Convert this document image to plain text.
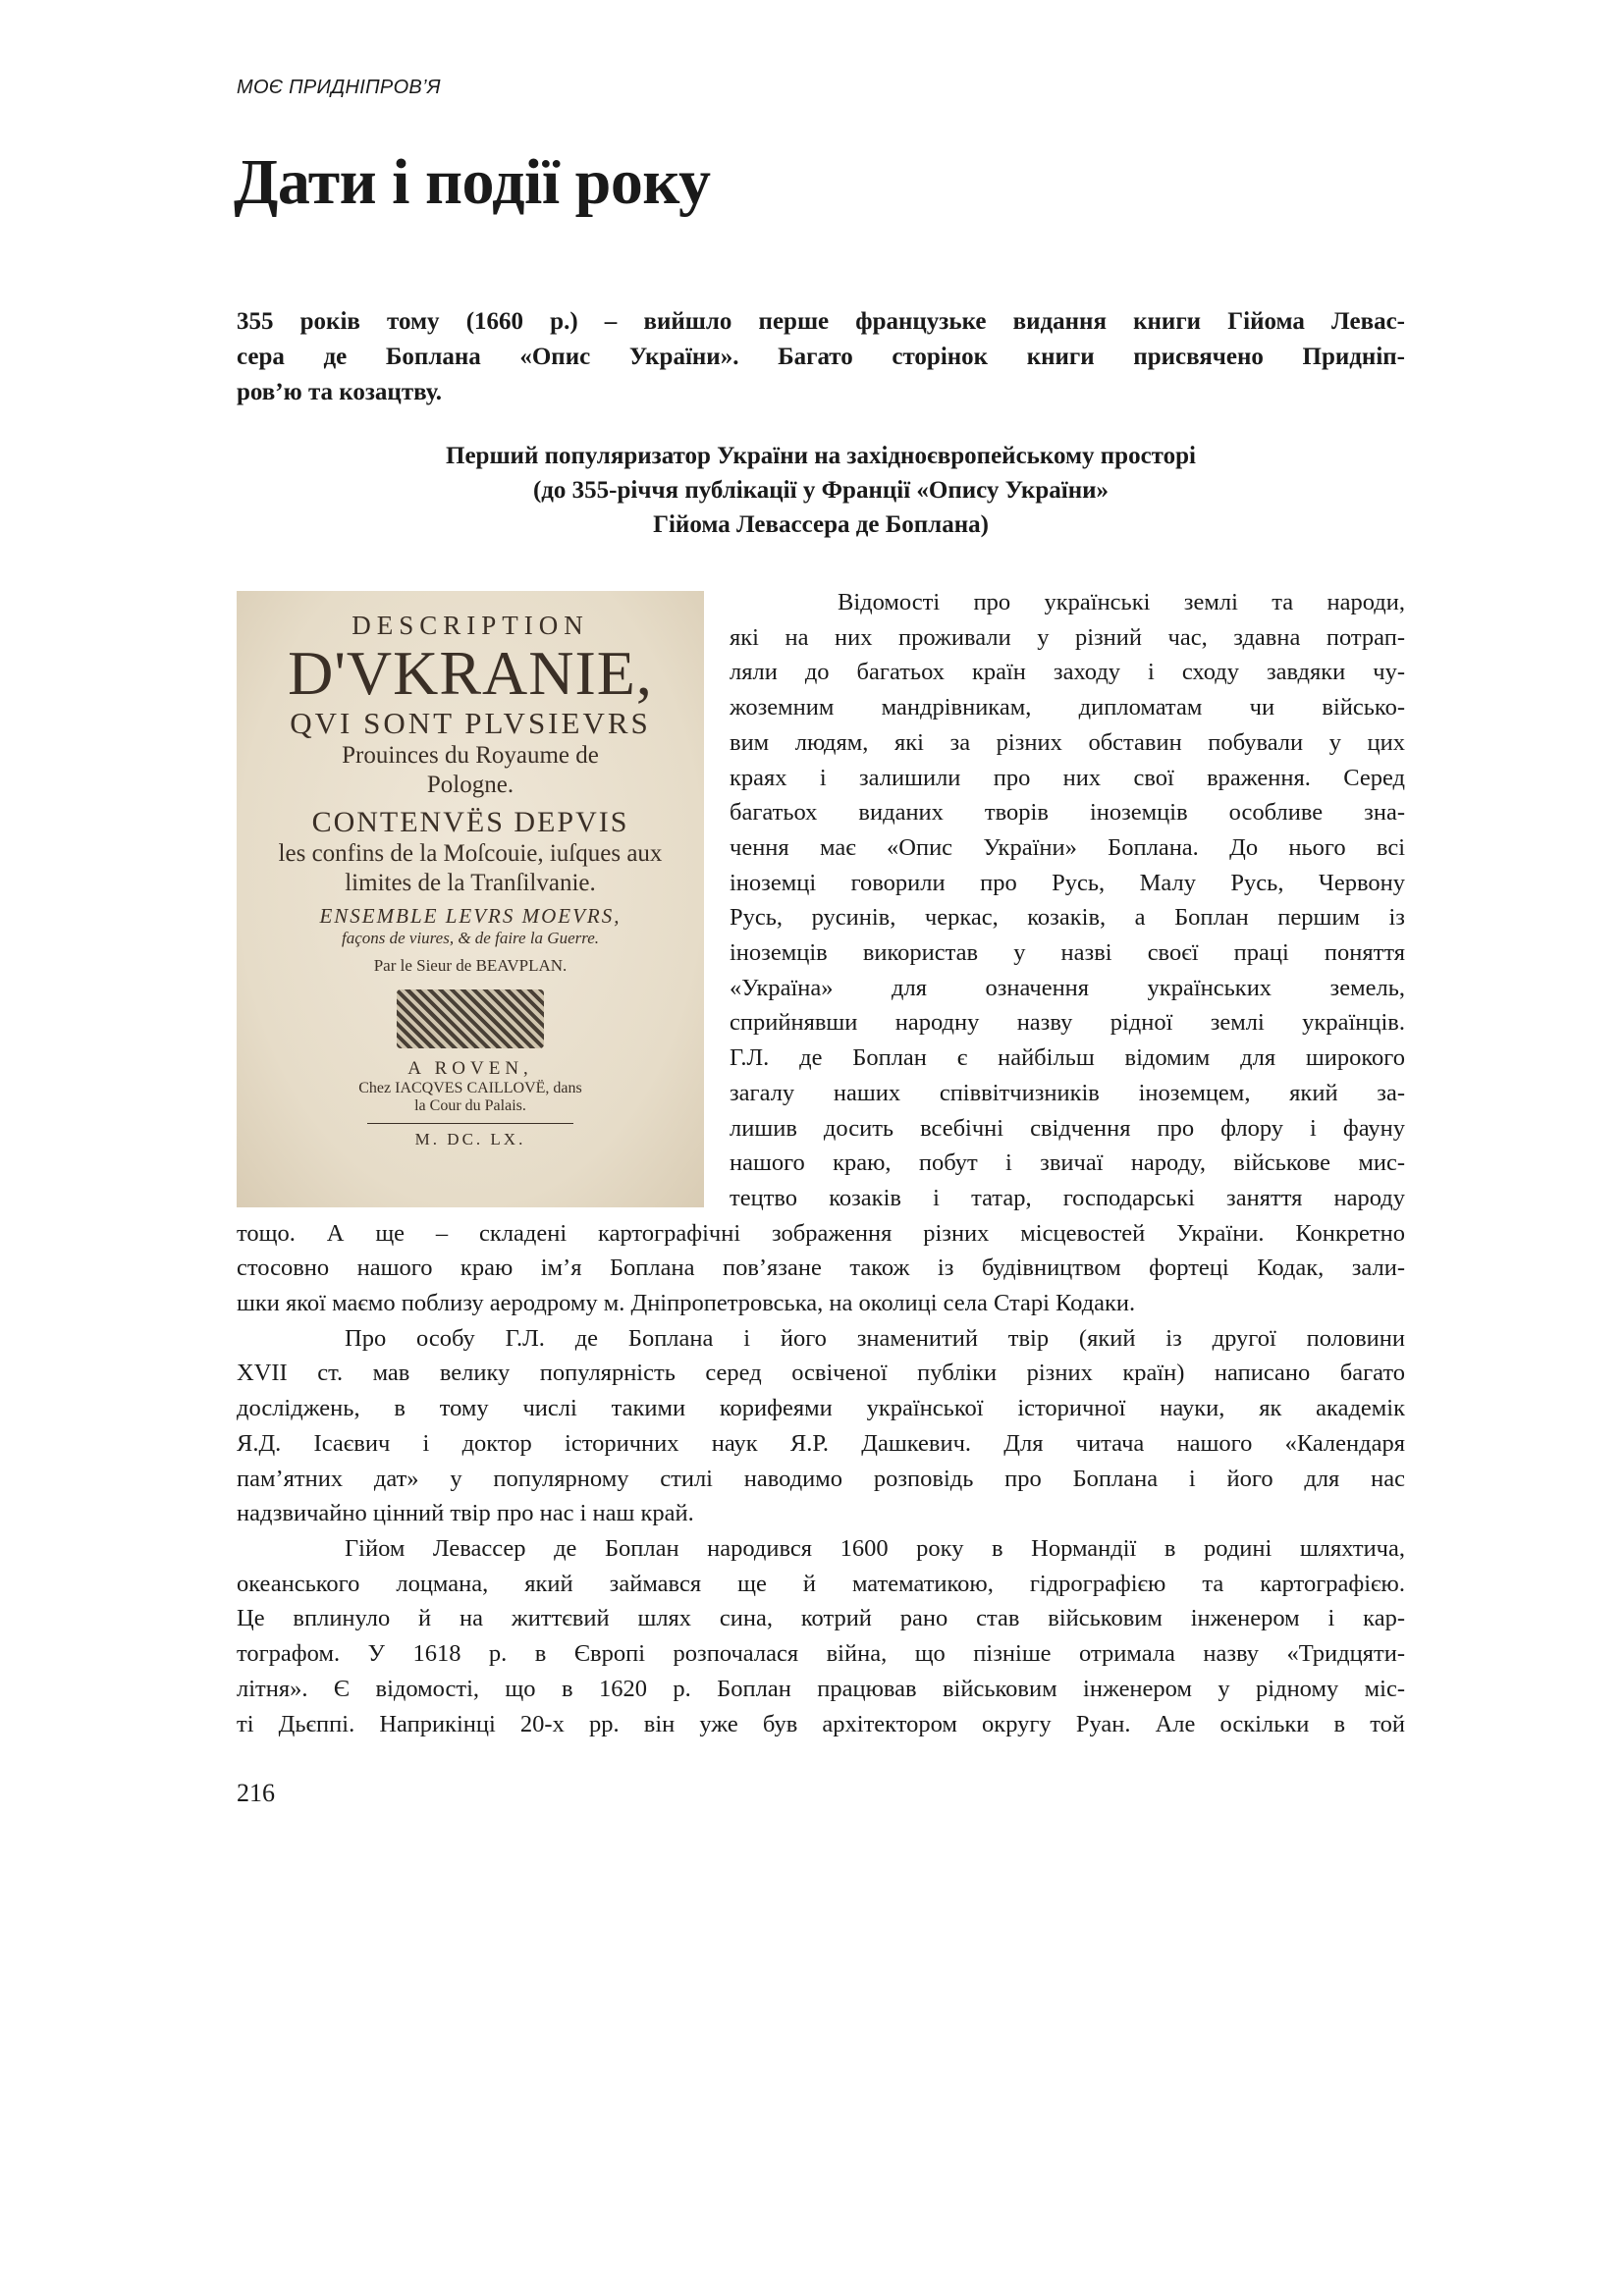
МОЄ ПРИДНІПРОВ’Я
Дати і події року
355 років тому (1660 р.) – вийшло перше французьке видання книги Гійома Левас-
сера де Боплана «Опис України». Багато сторінок книги присвячено Придніп-
ров’ю та козацтву.
Перший популяризатор України на західноєвропейському просторі
(до 355-річчя публікації у Франції «Опису України»
Гійома Левассера де Боплана)
DESCRIPTION
D'VKRANIE,
QVI SONT PLVSIEVRS
Prouinces du Royaume de Pologne.
CONTENVËS DEPVIS
les confins de la Moſcouie, iuſques aux limites de la Tranſilvanie.
ENSEMBLE LEVRS MOEVRS,
façons de viures, & de faire la Guerre.
Par le Sieur de BEAVPLAN.
A ROVEN,
Chez IACQVES CAILLOVË, dans
la Cour du Palais.
M. DC. LX.
Відомості про українські землі та народи,
які на них проживали у різний час, здавна потрап-
ляли до багатьох країн заходу і сходу завдяки чу-
жоземним мандрівникам, дипломатам чи військо-
вим людям, які за різних обставин побували у цих
краях і залишили про них свої враження. Серед
багатьох виданих творів іноземців особливе зна-
чення має «Опис України» Боплана. До нього всі
іноземці говорили про Русь, Малу Русь, Червону
Русь, русинів, черкас, козаків, а Боплан першим із
іноземців використав у назві своєї праці поняття
«Україна» для означення українських земель,
сприйнявши народну назву рідної землі українців.
Г.Л. де Боплан є найбільш відомим для широкого
загалу наших співвітчизників іноземцем, який за-
лишив досить всебічні свідчення про флору і фауну
нашого краю, побут і звичаї народу, військове мис-
тецтво козаків і татар, господарські заняття народу
тощо. А ще – складені картографічні зображення різних місцевостей України. Конкретно
стосовно нашого краю ім’я Боплана пов’язане також із будівництвом фортеці Кодак, зали-
шки якої маємо поблизу аеродрому м. Дніпропетровська, на околиці села Старі Кодаки.
Про особу Г.Л. де Боплана і його знаменитий твір (який із другої половини
XVII ст. мав велику популярність серед освіченої публіки різних країн) написано багато
досліджень, в тому числі такими корифеями української історичної науки, як академік
Я.Д. Ісаєвич і доктор історичних наук Я.Р. Дашкевич. Для читача нашого «Календаря
пам’ятних дат» у популярному стилі наводимо розповідь про Боплана і його для нас
надзвичайно цінний твір про нас і наш край.
Гійом Левассер де Боплан народився 1600 року в Нормандії в родині шляхтича,
океанського лоцмана, який займався ще й математикою, гідрографією та картографією.
Це вплинуло й на життєвий шлях сина, котрий рано став військовим інженером і кар-
тографом. У 1618 р. в Європі розпочалася війна, що пізніше отримала назву «Тридцяти-
літня». Є відомості, що в 1620 р. Боплан працював військовим інженером у рідному міс-
ті Дьєппі. Наприкінці 20-х рр. він уже був архітектором округу Руан. Але оскільки в той
216
